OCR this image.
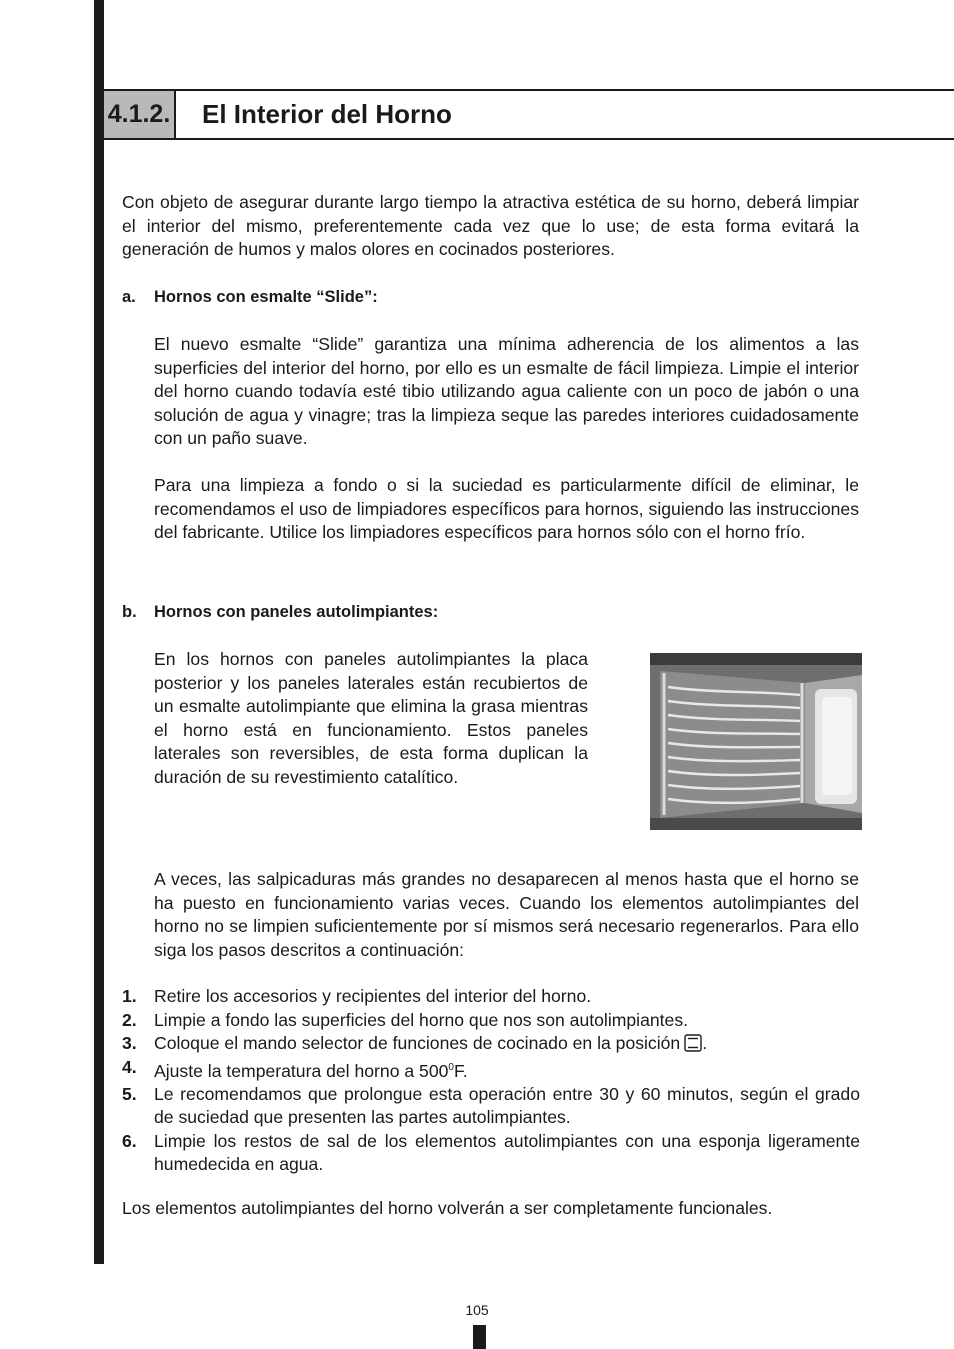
4.1.2. El Interior del Horno

Con objeto de asegurar durante largo tiempo la atractiva estética de su horno, deberá limpiar el interior del mismo, preferentemente cada vez que lo use; de esta forma evitará la generación de humos y malos olores en cocinados posteriores.

a. Hornos con esmalte “Slide”:

El nuevo esmalte “Slide” garantiza una mínima adherencia de los alimentos a las superficies del interior del horno, por ello es un esmalte de fácil limpieza. Limpie el interior del horno cuando todavía esté tibio utilizando agua caliente con un poco de jabón o una solución de agua y vinagre; tras la limpieza seque las paredes interiores cuidadosamente con un paño suave.

Para una limpieza a fondo o si la suciedad es particularmente difícil de eliminar, le recomendamos el uso de limpiadores específicos para hornos, siguiendo las instrucciones del fabricante. Utilice los limpiadores específicos para hornos sólo con el horno frío.

b. Hornos con paneles autolimpiantes:

En los hornos con paneles autolimpiantes la placa posterior y los paneles laterales están recubiertos de un esmalte autolimpiante que elimina la grasa mientras el horno está en funcionamiento. Estos paneles laterales son reversibles, de esta forma duplican la duración de su revestimiento catalítico.

A veces, las salpicaduras más grandes no desaparecen al menos hasta que el horno se ha puesto en funcionamiento varias veces. Cuando los elementos autolimpiantes del horno no se limpien suficientemente por sí mismos será necesario regenerarlos. Para ello siga los pasos descritos a continuación:

1. Retire los accesorios y recipientes del interior del horno.
2. Limpie a fondo las superficies del horno que nos son autolimpiantes.
3. Coloque el mando selector de funciones de cocinado en la posición .
4. Ajuste la temperatura del horno a $500^0F$.
5. Le recomendamos que prolongue esta operación entre 30 y 60 minutos, según el grado de suciedad que presenten las partes autolimpiantes.
6. Limpie los restos de sal de los elementos autolimpiantes con una esponja ligeramente humedecida en agua.

Los elementos autolimpiantes del horno volverán a ser completamente funcionales.

105
